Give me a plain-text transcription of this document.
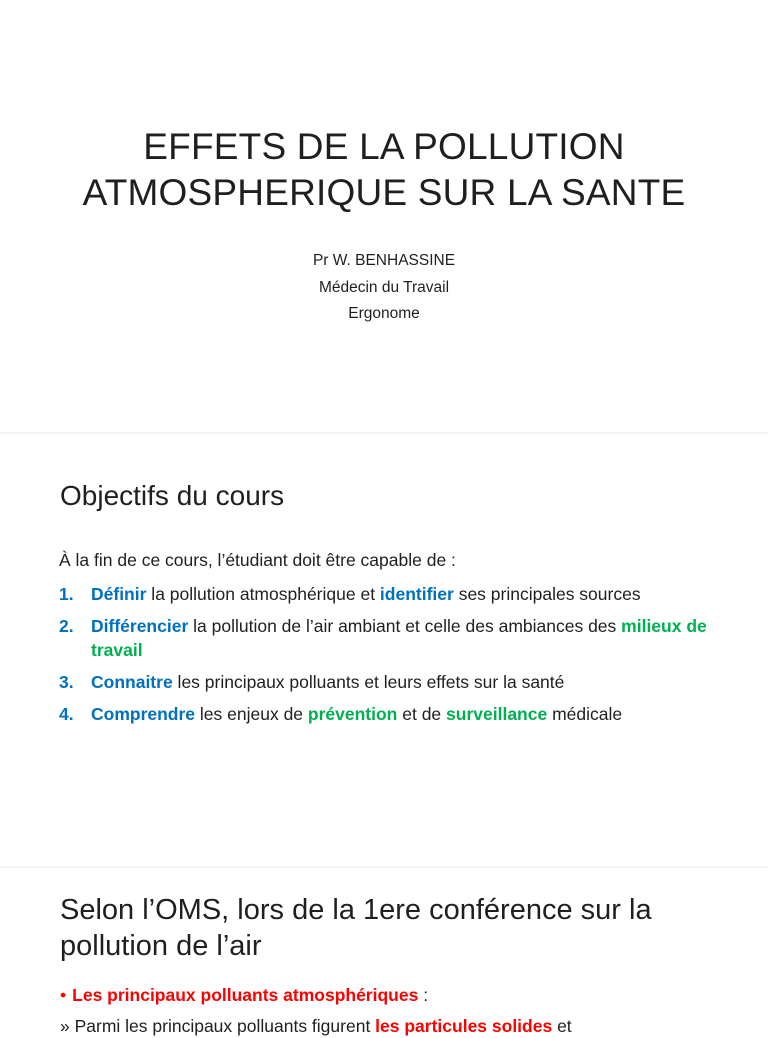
EFFETS DE LA POLLUTION
ATMOSPHERIQUE SUR LA SANTE
Pr W. BENHASSINE
Médecin du Travail
Ergonome
Objectifs du cours
À la fin de ce cours, l’étudiant doit être capable de :
1. Définir la pollution atmosphérique et identifier ses principales sources
2. Différencier la pollution de l’air ambiant et celle des ambiances des milieux de travail
3. Connaitre les principaux polluants et leurs effets sur la santé
4. Comprendre les enjeux de prévention et de surveillance médicale
Selon l’OMS, lors de la 1ere conférence sur la
pollution de l’air
• Les principaux polluants atmosphériques :
» Parmi les principaux polluants figurent les particules solides et
